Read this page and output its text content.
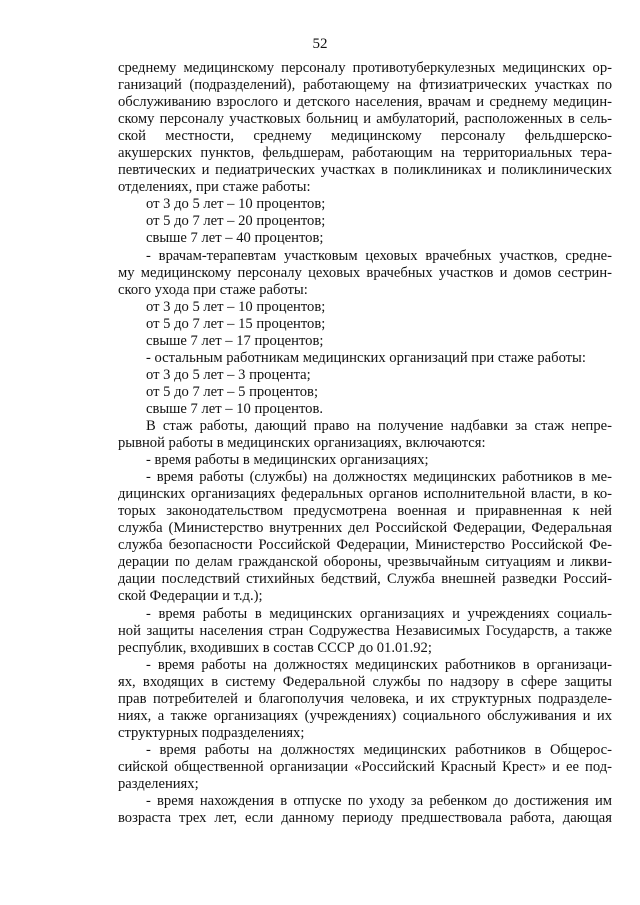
52
среднему медицинскому персоналу противотуберкулезных медицинских ор-
ганизаций (подразделений), работающему на фтизиатрических участках по
обслуживанию взрослого и детского населения, врачам и среднему медицин-
скому персоналу участковых больниц и амбулаторий, расположенных в сель-
ской местности, среднему медицинскому персоналу фельдшерско-
акушерских пунктов, фельдшерам, работающим на территориальных тера-
певтических и педиатрических участках в поликлиниках и поликлинических
отделениях, при стаже работы:
от 3 до 5 лет – 10 процентов;
от 5 до 7 лет – 20 процентов;
свыше 7 лет – 40 процентов;
- врачам-терапевтам участковым цеховых врачебных участков, средне-
му медицинскому персоналу цеховых врачебных участков и домов сестрин-
ского ухода при стаже работы:
от 3 до 5 лет – 10 процентов;
от 5 до 7 лет – 15 процентов;
свыше 7 лет – 17 процентов;
- остальным работникам медицинских организаций при стаже работы:
от 3 до 5 лет – 3 процента;
от 5 до 7 лет – 5 процентов;
свыше 7 лет – 10 процентов.
В стаж работы, дающий право на получение надбавки за стаж непре-
рывной работы в медицинских организациях, включаются:
- время работы в медицинских организациях;
- время работы (службы) на должностях медицинских работников в ме-
дицинских организациях федеральных органов исполнительной власти, в ко-
торых законодательством предусмотрена военная и приравненная к ней
служба (Министерство внутренних дел Российской Федерации, Федеральная
служба безопасности Российской Федерации, Министерство Российской Фе-
дерации по делам гражданской обороны, чрезвычайным ситуациям и ликви-
дации последствий стихийных бедствий, Служба внешней разведки Россий-
ской Федерации и т.д.);
- время работы в медицинских организациях и учреждениях социаль-
ной защиты населения стран Содружества Независимых Государств, а также
республик, входивших в состав СССР до 01.01.92;
- время работы на должностях медицинских работников в организаци-
ях, входящих в систему Федеральной службы по надзору в сфере защиты
прав потребителей и благополучия человека, и их структурных подразделе-
ниях, а также организациях (учреждениях) социального обслуживания и их
структурных подразделениях;
- время работы на должностях медицинских работников в Общерос-
сийской общественной организации «Российский Красный Крест» и ее под-
разделениях;
- время нахождения в отпуске по уходу за ребенком до достижения им
возраста трех лет, если данному периоду предшествовала работа, дающая
